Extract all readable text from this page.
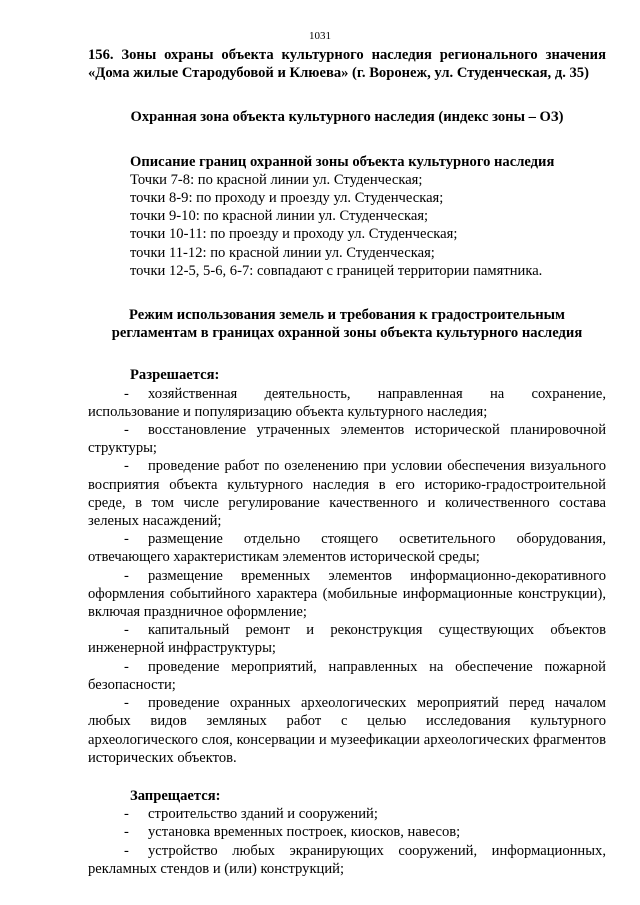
1031

156. Зоны охраны объекта культурного наследия регионального значения «Дома жилые Стародубовой и Клюева» (г. Воронеж, ул. Студенческая, д. 35)

Охранная зона объекта культурного наследия (индекс зоны – ОЗ)

Описание границ охранной зоны объекта культурного наследия

Точки 7-8: по красной линии ул. Студенческая;
точки 8-9: по проходу и проезду ул. Студенческая;
точки 9-10: по красной линии ул. Студенческая;
точки 10-11: по проезду и проходу ул. Студенческая;
точки 11-12: по красной линии ул. Студенческая;
точки 12-5, 5-6, 6-7: совпадают с границей территории памятника.

Режим использования земель и требования к градостроительным регламентам в границах охранной зоны объекта культурного наследия

Разрешается:

- хозяйственная деятельность, направленная на сохранение, использование и популяризацию объекта культурного наследия;
- восстановление утраченных элементов исторической планировочной структуры;
- проведение работ по озеленению при условии обеспечения визуального восприятия объекта культурного наследия в его историко-градостроительной среде, в том числе регулирование качественного и количественного состава зеленых насаждений;
- размещение отдельно стоящего осветительного оборудования, отвечающего характеристикам элементов исторической среды;
- размещение временных элементов информационно-декоративного оформления событийного характера (мобильные информационные конструкции), включая праздничное оформление;
- капитальный ремонт и реконструкция существующих объектов инженерной инфраструктуры;
- проведение мероприятий, направленных на обеспечение пожарной безопасности;
- проведение охранных археологических мероприятий перед началом любых видов земляных работ с целью исследования культурного археологического слоя, консервации и музеефикации археологических фрагментов исторических объектов.

Запрещается:

- строительство зданий и сооружений;
- установка временных построек, киосков, навесов;
- устройство любых экранирующих сооружений, информационных, рекламных стендов и (или) конструкций;
